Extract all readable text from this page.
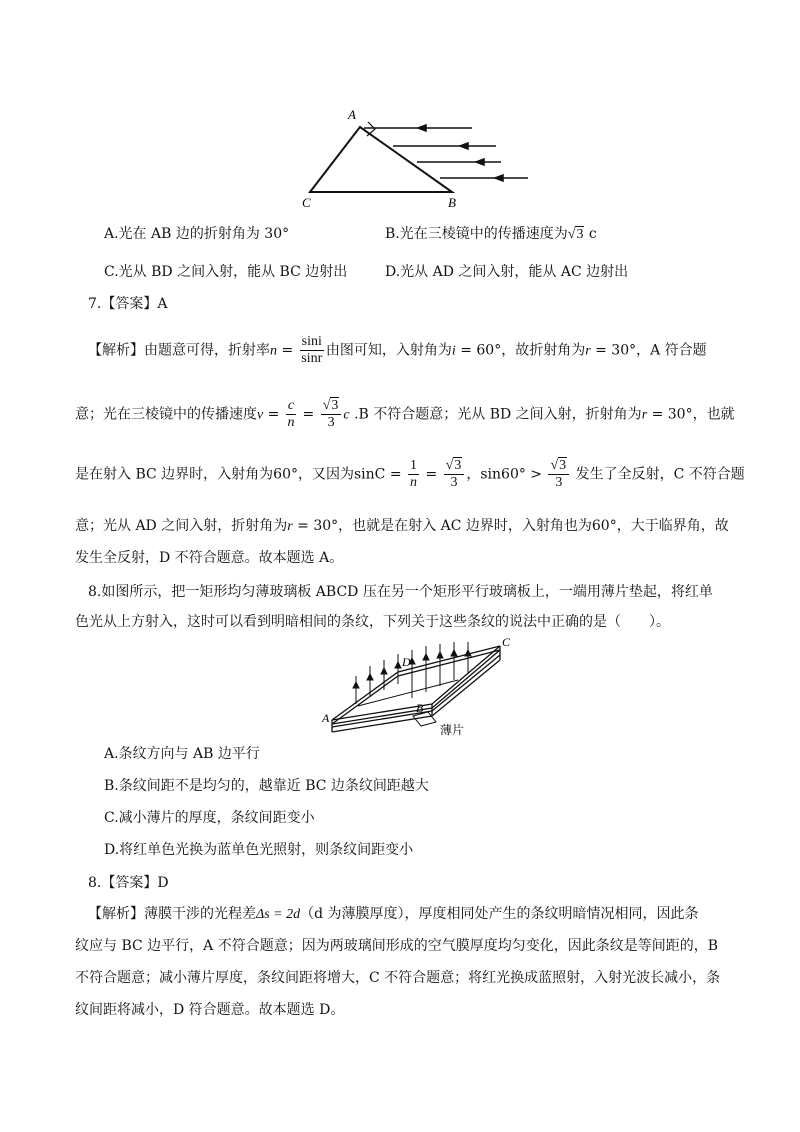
A
C	B
A.光在 AB 边的折射角为 30°	B.光在三棱镜中的传播速度为√3 c
C.光从 BD 之间入射，能从 BC 边射出	D.光从 AD 之间入射，能从 AC 边射出
7.【答案】A
【解析】由题意可得，折射率$n = \frac{\sin i}{\sin r}$ 由图可知，入射角为i = 60°，故折射角为r = 30°，A 符合题
意；光在三棱镜中的传播速度$v = \frac{c}{n} = \frac{√3}{3}$ c .B 不符合题意；光从 BD 之间入射，折射角为r = 30°，也就
是在射入 BC 边界时，入射角为60°，又因为$\sin C = \frac{1}{n} = \frac{√3}{3}$ ，$\sin 60^\circ > \frac{√3}{3}$ 发生了全反射，C 不符合题
意；光从 AD 之间入射，折射角为r = 30°，也就是在射入 AC 边界时，入射角也为60°，大于临界角，故
发生全反射，D 不符合题意。故本题选 A。
8.如图所示，把一矩形均匀薄玻璃板 ABCD 压在另一个矩形平行玻璃板上，一端用薄片垫起，将红单
色光从上方射入，这时可以看到明暗相间的条纹，下列关于这些条纹的说法中正确的是（　　）。
A
B
C
D
薄片
A.条纹方向与 AB 边平行
B.条纹间距不是均匀的，越靠近 BC 边条纹间距越大
C.减小薄片的厚度，条纹间距变小
D.将红单色光换为蓝单色光照射，则条纹间距变小
8.【答案】D
【解析】薄膜干涉的光程差Δs = 2d（d 为薄膜厚度），厚度相同处产生的条纹明暗情况相同，因此条
纹应与 BC 边平行，A 不符合题意；因为两玻璃间形成的空气膜厚度均匀变化，因此条纹是等间距的，B
不符合题意；减小薄片厚度，条纹间距将增大，C 不符合题意；将红光换成蓝照射，入射光波长减小，条
纹间距将减小，D 符合题意。故本题选 D。
